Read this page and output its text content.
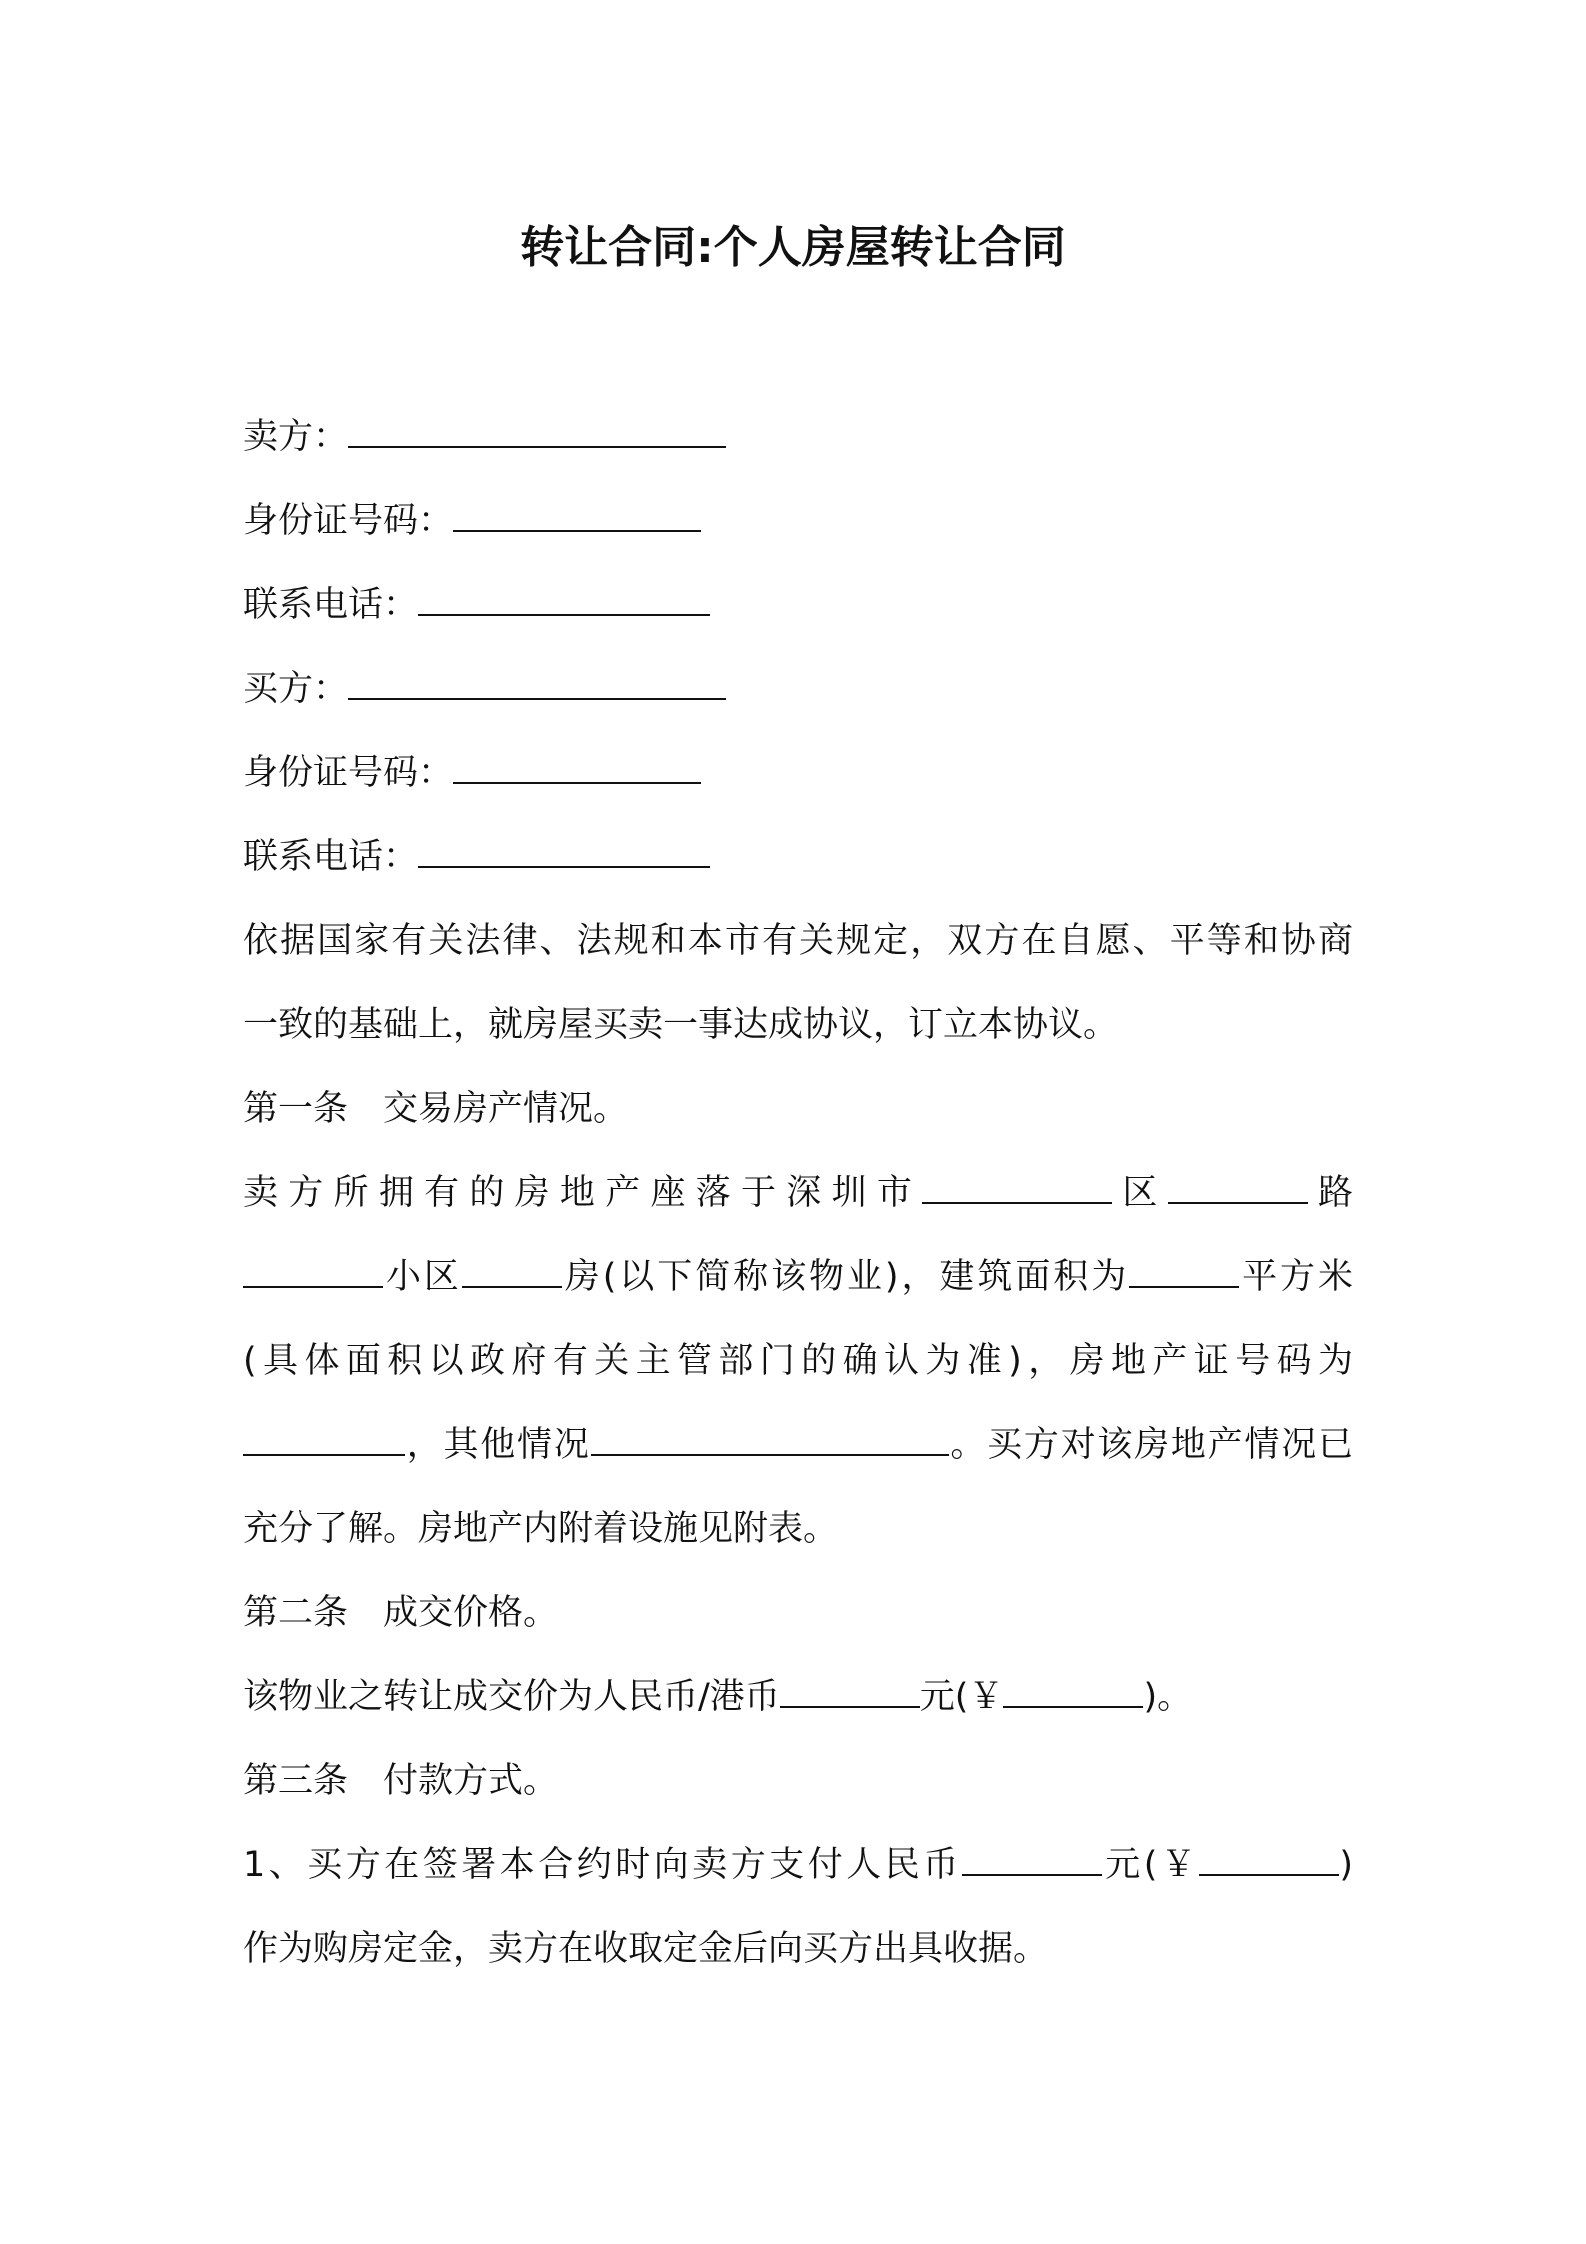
转让合同:个人房屋转让合同
卖方：
身份证号码：
联系电话：
买方：
身份证号码：
联系电话：
依据国家有关法律、法规和本市有关规定，双方在自愿、平等和协商
一致的基础上，就房屋买卖一事达成协议，订立本协议。
第一条　交易房产情况。
卖方所拥有的房地产座落于深圳市	区	路
小区	房(以下简称该物业)，建筑面积为	平方米
(具体面积以政府有关主管部门的确认为准)，房地产证号码为
，其他情况	。买方对该房地产情况已
充分了解。房地产内附着设施见附表。
第二条　成交价格。
该物业之转让成交价为人民币/港币	元(￥	)。
第三条　付款方式。
1、买方在签署本合约时向卖方支付人民币	元(￥	)
作为购房定金，卖方在收取定金后向买方出具收据。
